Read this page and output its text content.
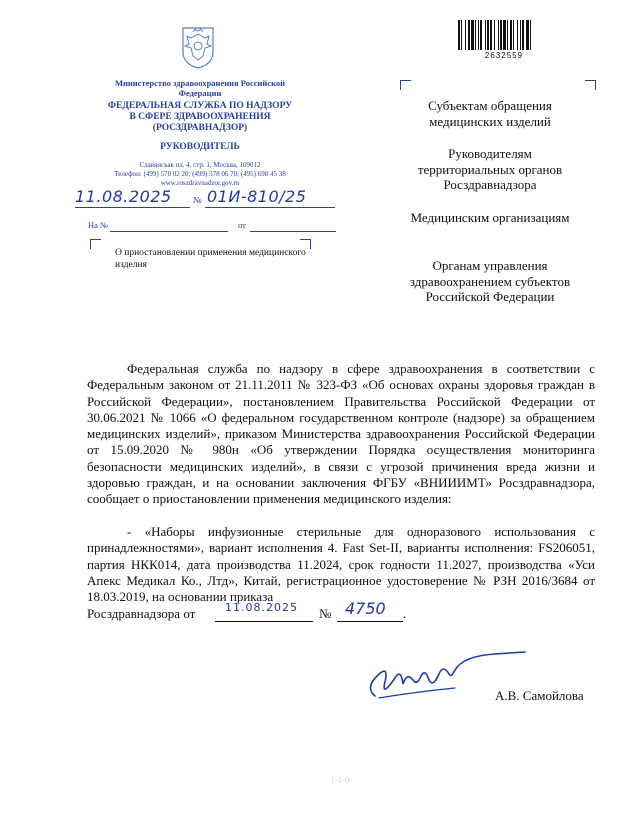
Министерство здравоохранения Российской Федерации
ФЕДЕРАЛЬНАЯ СЛУЖБА ПО НАДЗОРУ
В СФЕРЕ ЗДРАВООХРАНЕНИЯ
(РОСЗДРАВНАДЗОР)
РУКОВОДИТЕЛЬ
Славянская пл. 4, стр. 1, Москва, 109012
Телефон: (499) 578 02 20; (499) 578 06 70; (495) 698 45 38
www.roszdravnadzor.gov.ru
11.08.2025 № 01И-810/25
На №	от
О приостановлении применения медицинского изделия
2632559
Субъектам обращения медицинских изделий
Руководителям территориальных органов Росздравнадзора
Медицинским организациям
Органам управления здравоохранением субъектов Российской Федерации

Федеральная служба по надзору в сфере здравоохранения в соответствии с Федеральным законом от 21.11.2011 № 323-ФЗ «Об основах охраны здоровья граждан в Российской Федерации», постановлением Правительства Российской Федерации от 30.06.2021 № 1066 «О федеральном государственном контроле (надзоре) за обращением медицинских изделий», приказом Министерства здравоохранения Российской Федерации от 15.09.2020 № 980н «Об утверждении Порядка осуществления мониторинга безопасности медицинских изделий», в связи с угрозой причинения вреда жизни и здоровью граждан, и на основании заключения ФГБУ «ВНИИИМТ» Росздравнадзора, сообщает о приостановлении применения медицинского изделия:

- «Наборы инфузионные стерильные для одноразового использования с принадлежностями», вариант исполнения 4. Fast Set-II, варианты исполнения: FS206051, партия НКК014, дата производства 11.2024, срок годности 11.2027, производства «Уси Апекс Медикал Ко., Лтд», Китай, регистрационное удостоверение № РЗН 2016/3684 от 18.03.2019, на основании приказа

Росздравнадзора от	11.08.2025 № 4750 .
А.В. Самойлова
1-1-0
